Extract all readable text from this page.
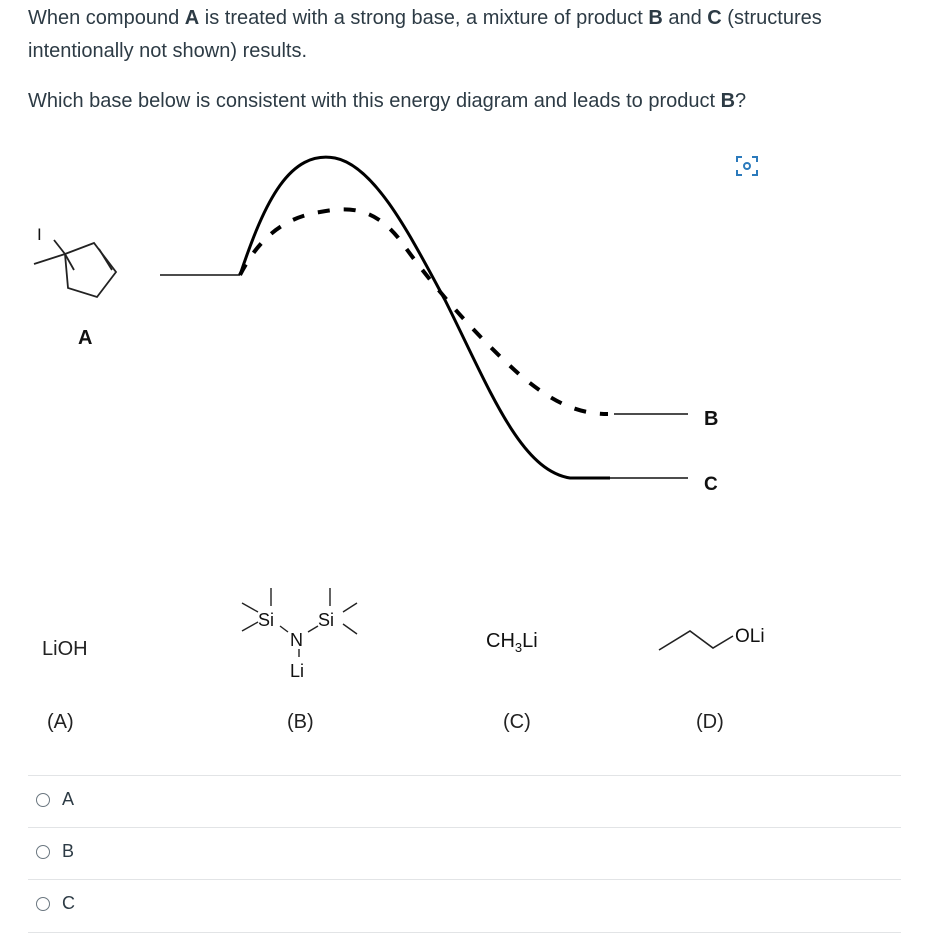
When compound A is treated with a strong base, a mixture of product B and C (structures intentionally not shown) results.
Which base below is consistent with this energy diagram and leads to product B?
I
A
B
C
Si Si
N
Li
$CH_3Li$	OLi
LiOH
(A)	(B)	(C)	(D)
A
B
C
